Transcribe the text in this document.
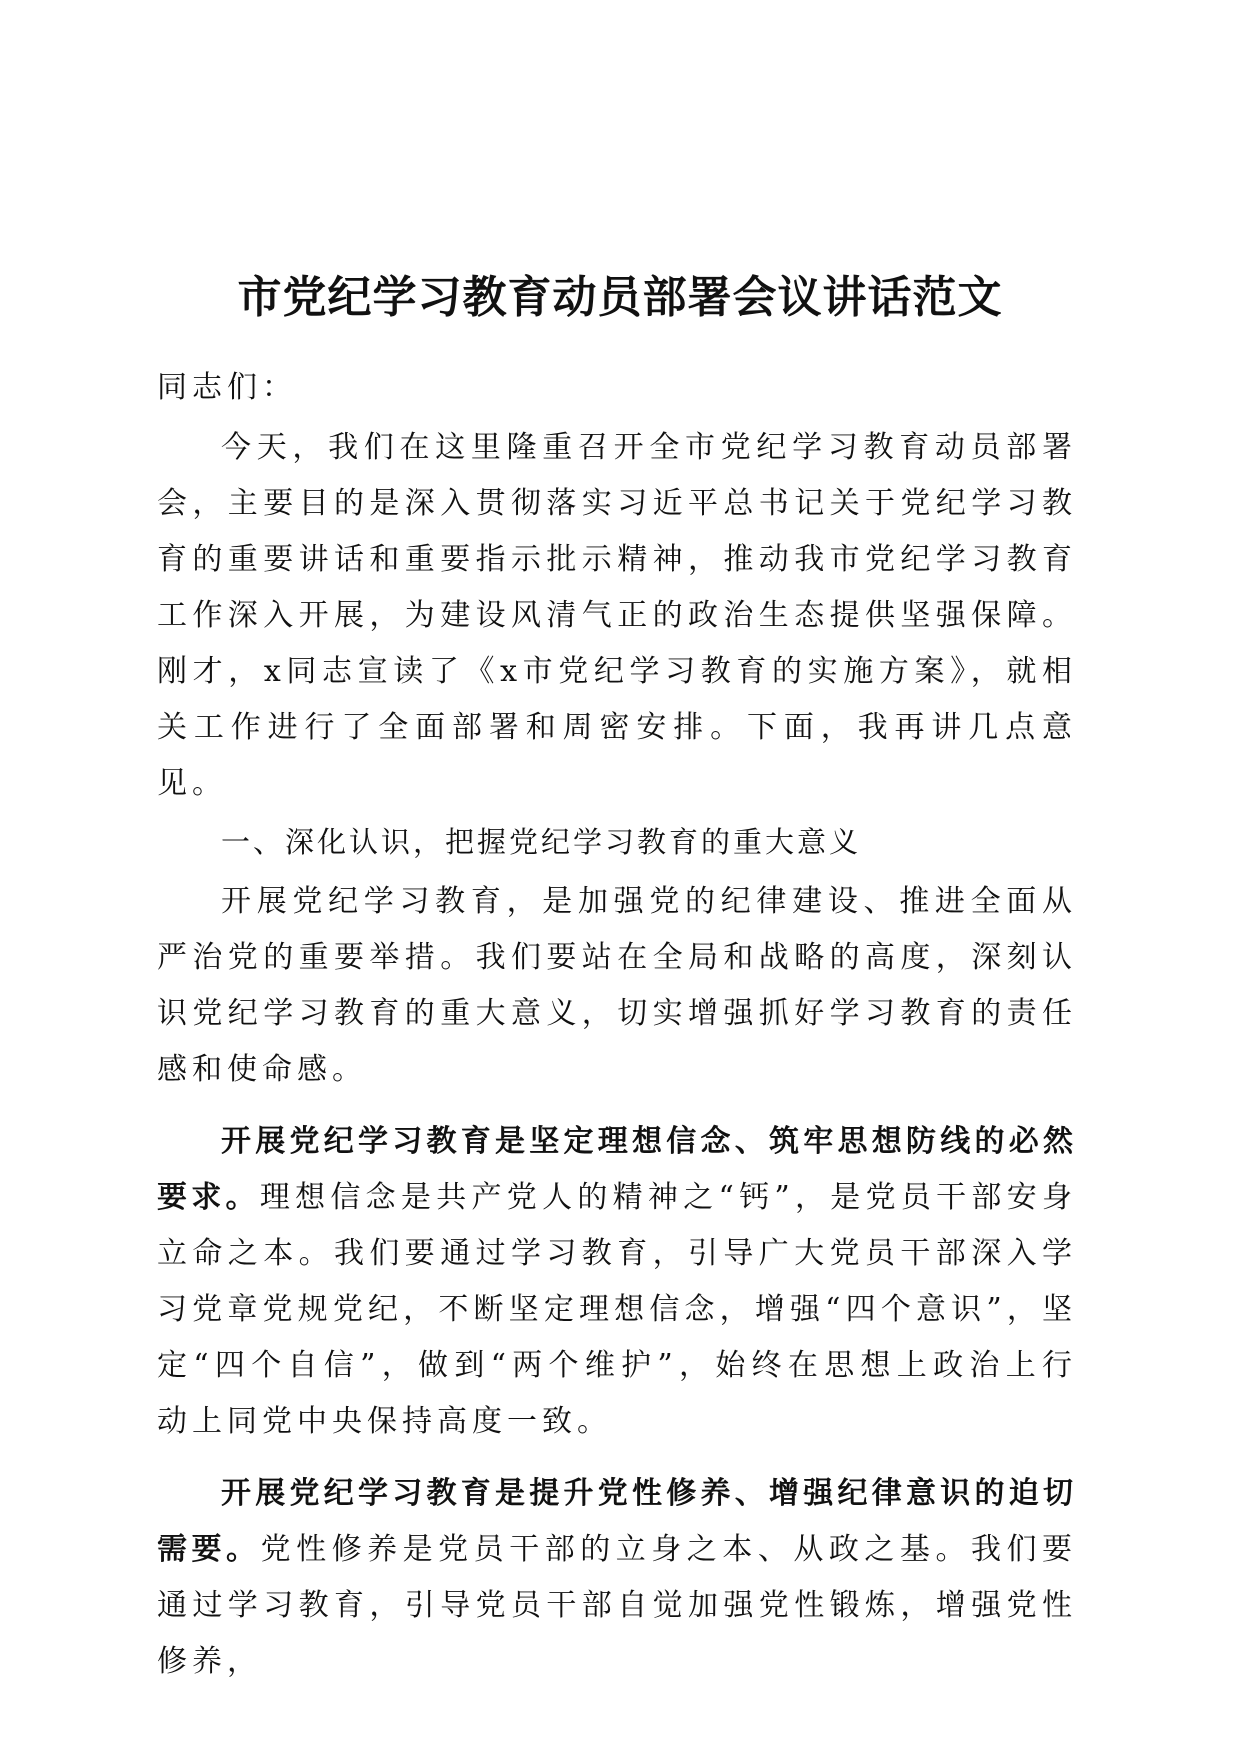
市党纪学习教育动员部署会议讲话范文

同志们：

今天，我们在这里隆重召开全市党纪学习教育动员部署会，主要目的是深入贯彻落实习近平总书记关于党纪学习教育的重要讲话和重要指示批示精神，推动我市党纪学习教育工作深入开展，为建设风清气正的政治生态提供坚强保障。刚才，x同志宣读了《x市党纪学习教育的实施方案》，就相关工作进行了全面部署和周密安排。下面，我再讲几点意见。

一、深化认识，把握党纪学习教育的重大意义

开展党纪学习教育，是加强党的纪律建设、推进全面从严治党的重要举措。我们要站在全局和战略的高度，深刻认识党纪学习教育的重大意义，切实增强抓好学习教育的责任感和使命感。

开展党纪学习教育是坚定理想信念、筑牢思想防线的必然要求。理想信念是共产党人的精神之“钙”，是党员干部安身立命之本。我们要通过学习教育，引导广大党员干部深入学习党章党规党纪，不断坚定理想信念，增强“四个意识”，坚定“四个自信”，做到“两个维护”，始终在思想上政治上行动上同党中央保持高度一致。

开展党纪学习教育是提升党性修养、增强纪律意识的迫切需要。党性修养是党员干部的立身之本、从政之基。我们要通过学习教育，引导党员干部自觉加强党性锻炼，增强党性修养，
